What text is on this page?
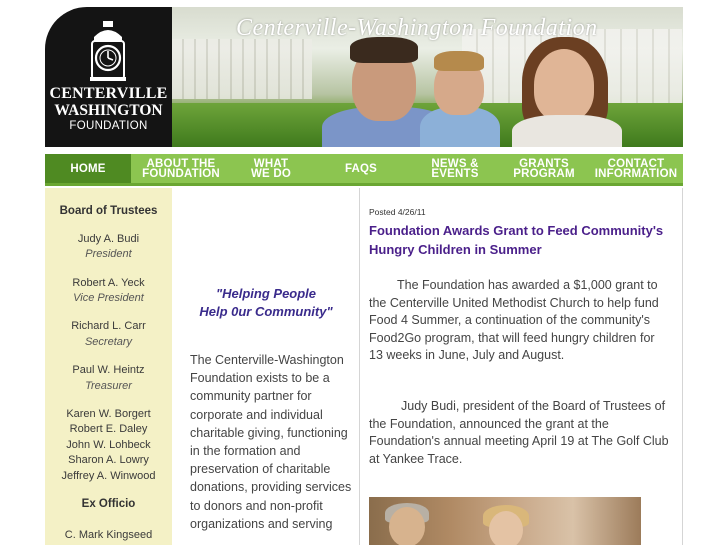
CENTERVILLE
WASHINGTON
FOUNDATION
Centerville-Washington Foundation
HOME	ABOUT THE
FOUNDATION
WHAT
WE DO	FAQS	NEWS &
EVENTS
GRANTS
PROGRAM
CONTACT
INFORMATION
Board of Trustees
Judy A. Budi
President
Robert A. Yeck
Vice President
Richard L. Carr
Secretary
Paul W. Heintz
Treasurer
Karen W. Borgert
Robert E. Daley
John W. Lohbeck
Sharon A. Lowry
Jeffrey A. Winwood
Ex Officio
C. Mark Kingseed
"Helping People
Help 0ur Community"
The Centerville-Washington Foundation exists to be a community partner for corporate and individual charitable giving, functioning in the formation and preservation of charitable donations, providing services to donors and non-profit organizations and serving
Posted 4/26/11
Foundation Awards Grant to Feed Community's Hungry Children in Summer
The Foundation has awarded a $1,000 grant to the Centerville United Methodist Church to help fund Food 4 Summer, a continuation of the community's Food2Go program, that will feed hungry children for 13 weeks in June, July and August.
Judy Budi, president of the Board of Trustees of the Foundation, announced the grant at the Foundation's annual meeting April 19 at The Golf Club at Yankee Trace.
